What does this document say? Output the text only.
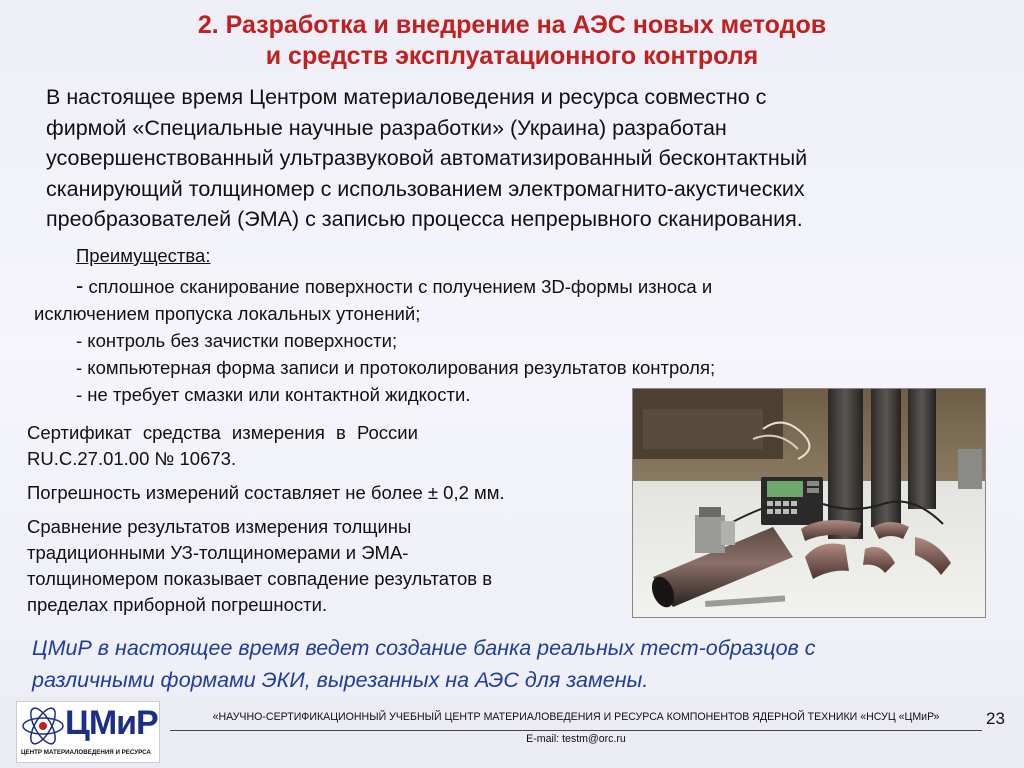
2. Разработка и внедрение на АЭС новых методов
и средств эксплуатационного контроля
В настоящее время Центром материаловедения и ресурса совместно с
фирмой «Специальные научные разработки» (Украина) разработан
усовершенствованный ультразвуковой автоматизированный бесконтактный
сканирующий толщиномер с использованием электромагнито-акустических
преобразователей (ЭМА) с записью процесса непрерывного сканирования.
Преимущества:
- сплошное сканирование поверхности с получением 3D-формы износа и
исключением пропуска локальных утонений;
- контроль без зачистки поверхности;
- компьютерная форма записи и протоколирования результатов контроля;
- не требует смазки или контактной жидкости.
Сертификат средства измерения в России
RU.C.27.01.00 № 10673.
Погрешность измерений составляет не более ± 0,2 мм.
Сравнение результатов измерения толщины
традиционными УЗ-толщиномерами и ЭМА-
толщиномером показывает совпадение результатов в
пределах приборной погрешности.
ЦМиР в настоящее время ведет создание банка реальных тест-образцов с
различными формами ЭКИ, вырезанных на АЭС для замены.
ЦМиР
ЦЕНТР МАТЕРИАЛОВЕДЕНИЯ И РЕСУРСА
«НАУЧНО-СЕРТИФИКАЦИОННЫЙ УЧЕБНЫЙ ЦЕНТР МАТЕРИАЛОВЕДЕНИЯ И РЕСУРСА КОМПОНЕНТОВ ЯДЕРНОЙ ТЕХНИКИ «НСУЦ «ЦМиР»
E-mail: testm@orc.ru
23
